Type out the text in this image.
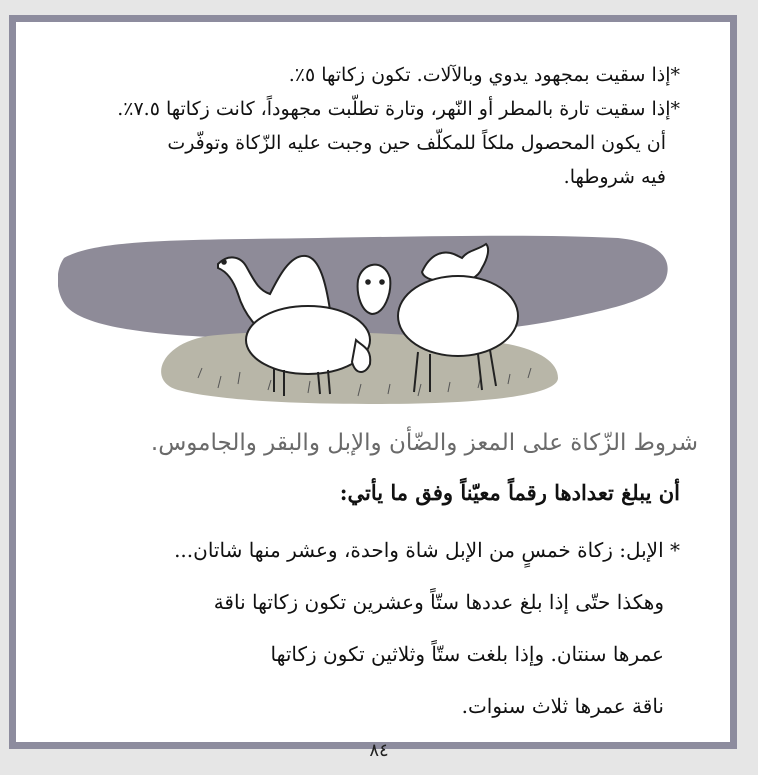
*إذا سقيت بمجهود يدوي وبالآلات. تكون زكاتها ٥٪.
*إذا سقيت تارة بالمطر أو النّهر، وتارة تطلّبت مجهوداً، كانت زكاتها ٧.٥٪.
أن يكون المحصول ملكاً للمكلّف حين وجبت عليه الزّكاة وتوفّرت
فيه شروطها.
شروط الزّكاة على المعز والضّأن والإبل والبقر والجاموس.
أن يبلغ تعدادها رقماً معيّناً وفق ما يأتي:
* الإبل: زكاة خمسٍ من الإبل شاة واحدة، وعشر منها شاتان...
وهكذا حتّى إذا بلغ عددها ستّاً وعشرين تكون زكاتها ناقة
عمرها سنتان. وإذا بلغت ستّاً وثلاثين تكون زكاتها
ناقة عمرها ثلاث سنوات.
٨٤
